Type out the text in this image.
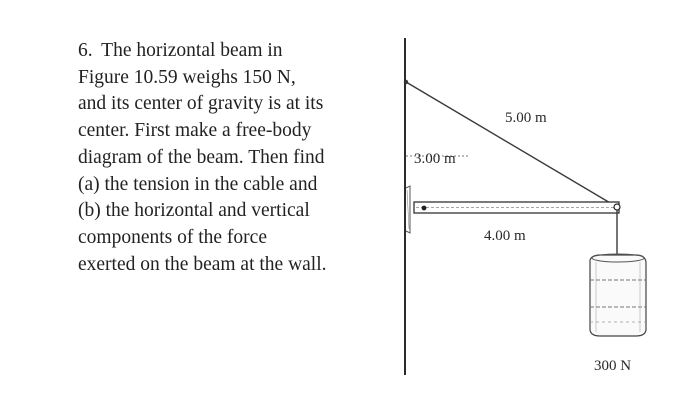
6. The horizontal beam in
Figure 10.59 weighs 150 N,
and its center of gravity is at its
center. First make a free-body
diagram of the beam. Then find
(a) the tension in the cable and
(b) the horizontal and vertical
components of the force
exerted on the beam at the wall.
5.00 m
3.00 m
4.00 m
300 N
